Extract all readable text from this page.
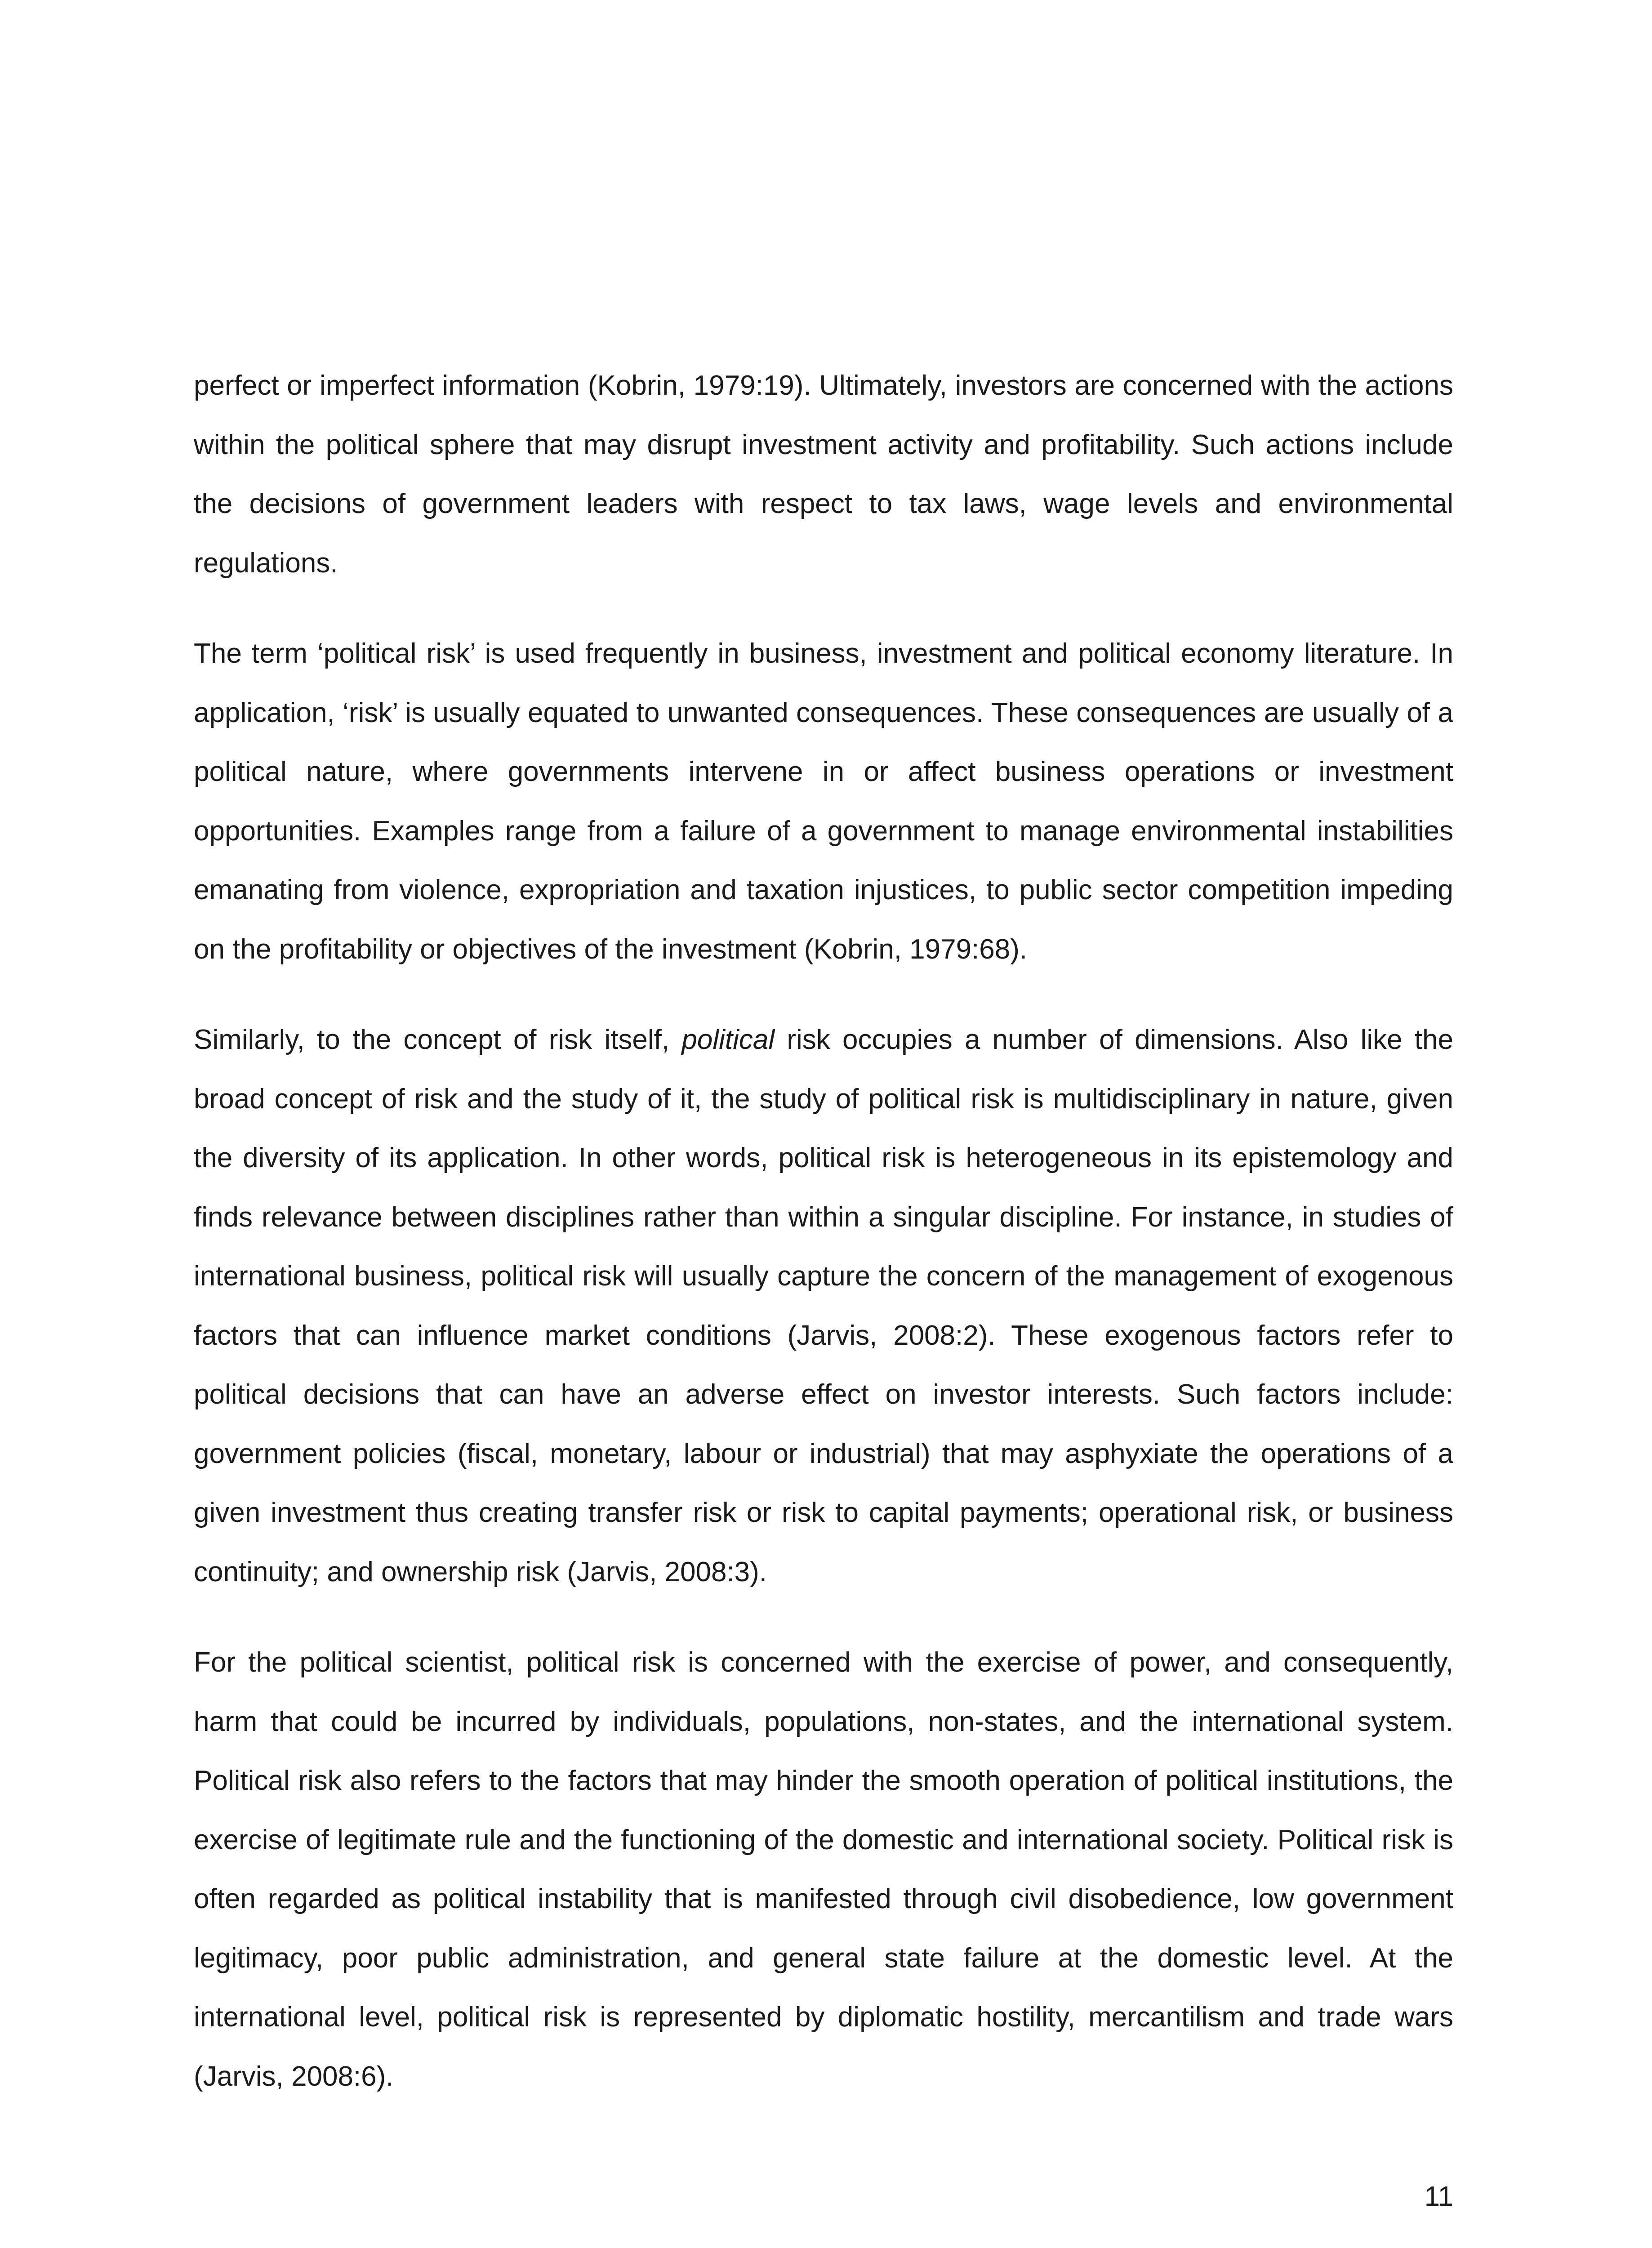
perfect or imperfect information (Kobrin, 1979:19). Ultimately, investors are concerned with the actions within the political sphere that may disrupt investment activity and profitability. Such actions include the decisions of government leaders with respect to tax laws, wage levels and environmental regulations.

The term ‘political risk’ is used frequently in business, investment and political economy literature. In application, ‘risk’ is usually equated to unwanted consequences. These consequences are usually of a political nature, where governments intervene in or affect business operations or investment opportunities. Examples range from a failure of a government to manage environmental instabilities emanating from violence, expropriation and taxation injustices, to public sector competition impeding on the profitability or objectives of the investment (Kobrin, 1979:68).

Similarly, to the concept of risk itself, political risk occupies a number of dimensions. Also like the broad concept of risk and the study of it, the study of political risk is multidisciplinary in nature, given the diversity of its application. In other words, political risk is heterogeneous in its epistemology and finds relevance between disciplines rather than within a singular discipline. For instance, in studies of international business, political risk will usually capture the concern of the management of exogenous factors that can influence market conditions (Jarvis, 2008:2). These exogenous factors refer to political decisions that can have an adverse effect on investor interests. Such factors include: government policies (fiscal, monetary, labour or industrial) that may asphyxiate the operations of a given investment thus creating transfer risk or risk to capital payments; operational risk, or business continuity; and ownership risk (Jarvis, 2008:3).

For the political scientist, political risk is concerned with the exercise of power, and consequently, harm that could be incurred by individuals, populations, non-states, and the international system. Political risk also refers to the factors that may hinder the smooth operation of political institutions, the exercise of legitimate rule and the functioning of the domestic and international society. Political risk is often regarded as political instability that is manifested through civil disobedience, low government legitimacy, poor public administration, and general state failure at the domestic level. At the international level, political risk is represented by diplomatic hostility, mercantilism and trade wars (Jarvis, 2008:6).

11
